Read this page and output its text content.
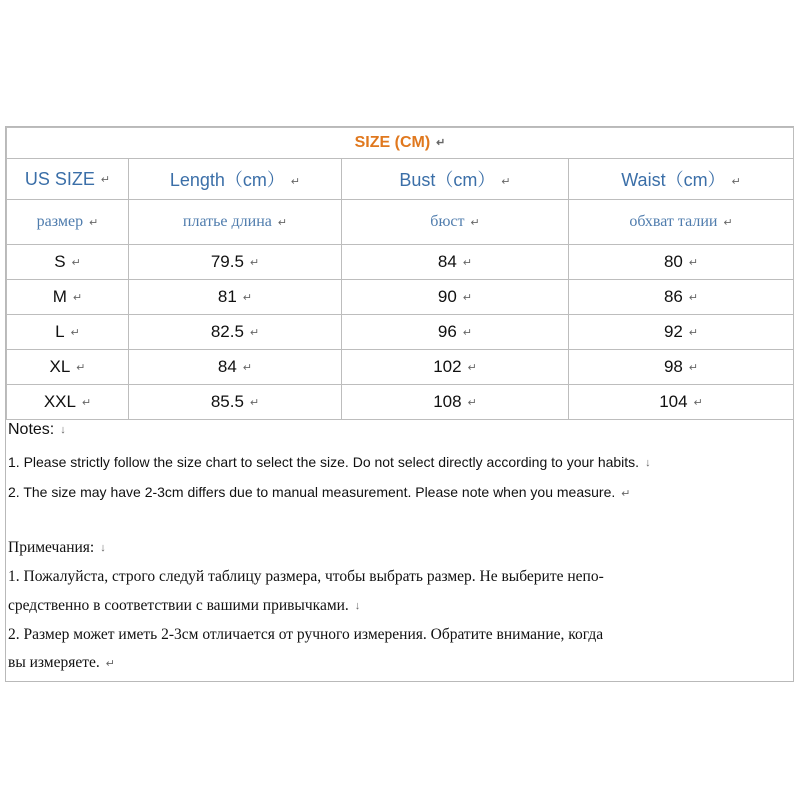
SIZE (CM) ↵			
US SIZE ↵	Length（cm） ↵	Bust（cm） ↵	Waist（cm） ↵
размер ↵	платье длина ↵	бюст ↵	обхват талии ↵
S ↵	79.5 ↵	84 ↵	80 ↵
M ↵	81 ↵	90 ↵	86 ↵
L ↵	82.5 ↵	96 ↵	92 ↵
XL ↵	84 ↵	102 ↵	98 ↵
XXL ↵	85.5 ↵	108 ↵	104 ↵
Notes: ↓
1. Please strictly follow the size chart to select the size. Do not select directly according to your habits. ↓
2. The size may have 2-3cm differs due to manual measurement. Please note when you measure. ↵
Примечания: ↓
1. Пожалуйста, строго следуй таблицу размера, чтобы выбрать размер. Не выберите непо-
средственно в соответствии с вашими привычками. ↓
2. Размер может иметь 2-3см отличается от ручного измерения. Обратите внимание, когда
вы измеряете. ↵
